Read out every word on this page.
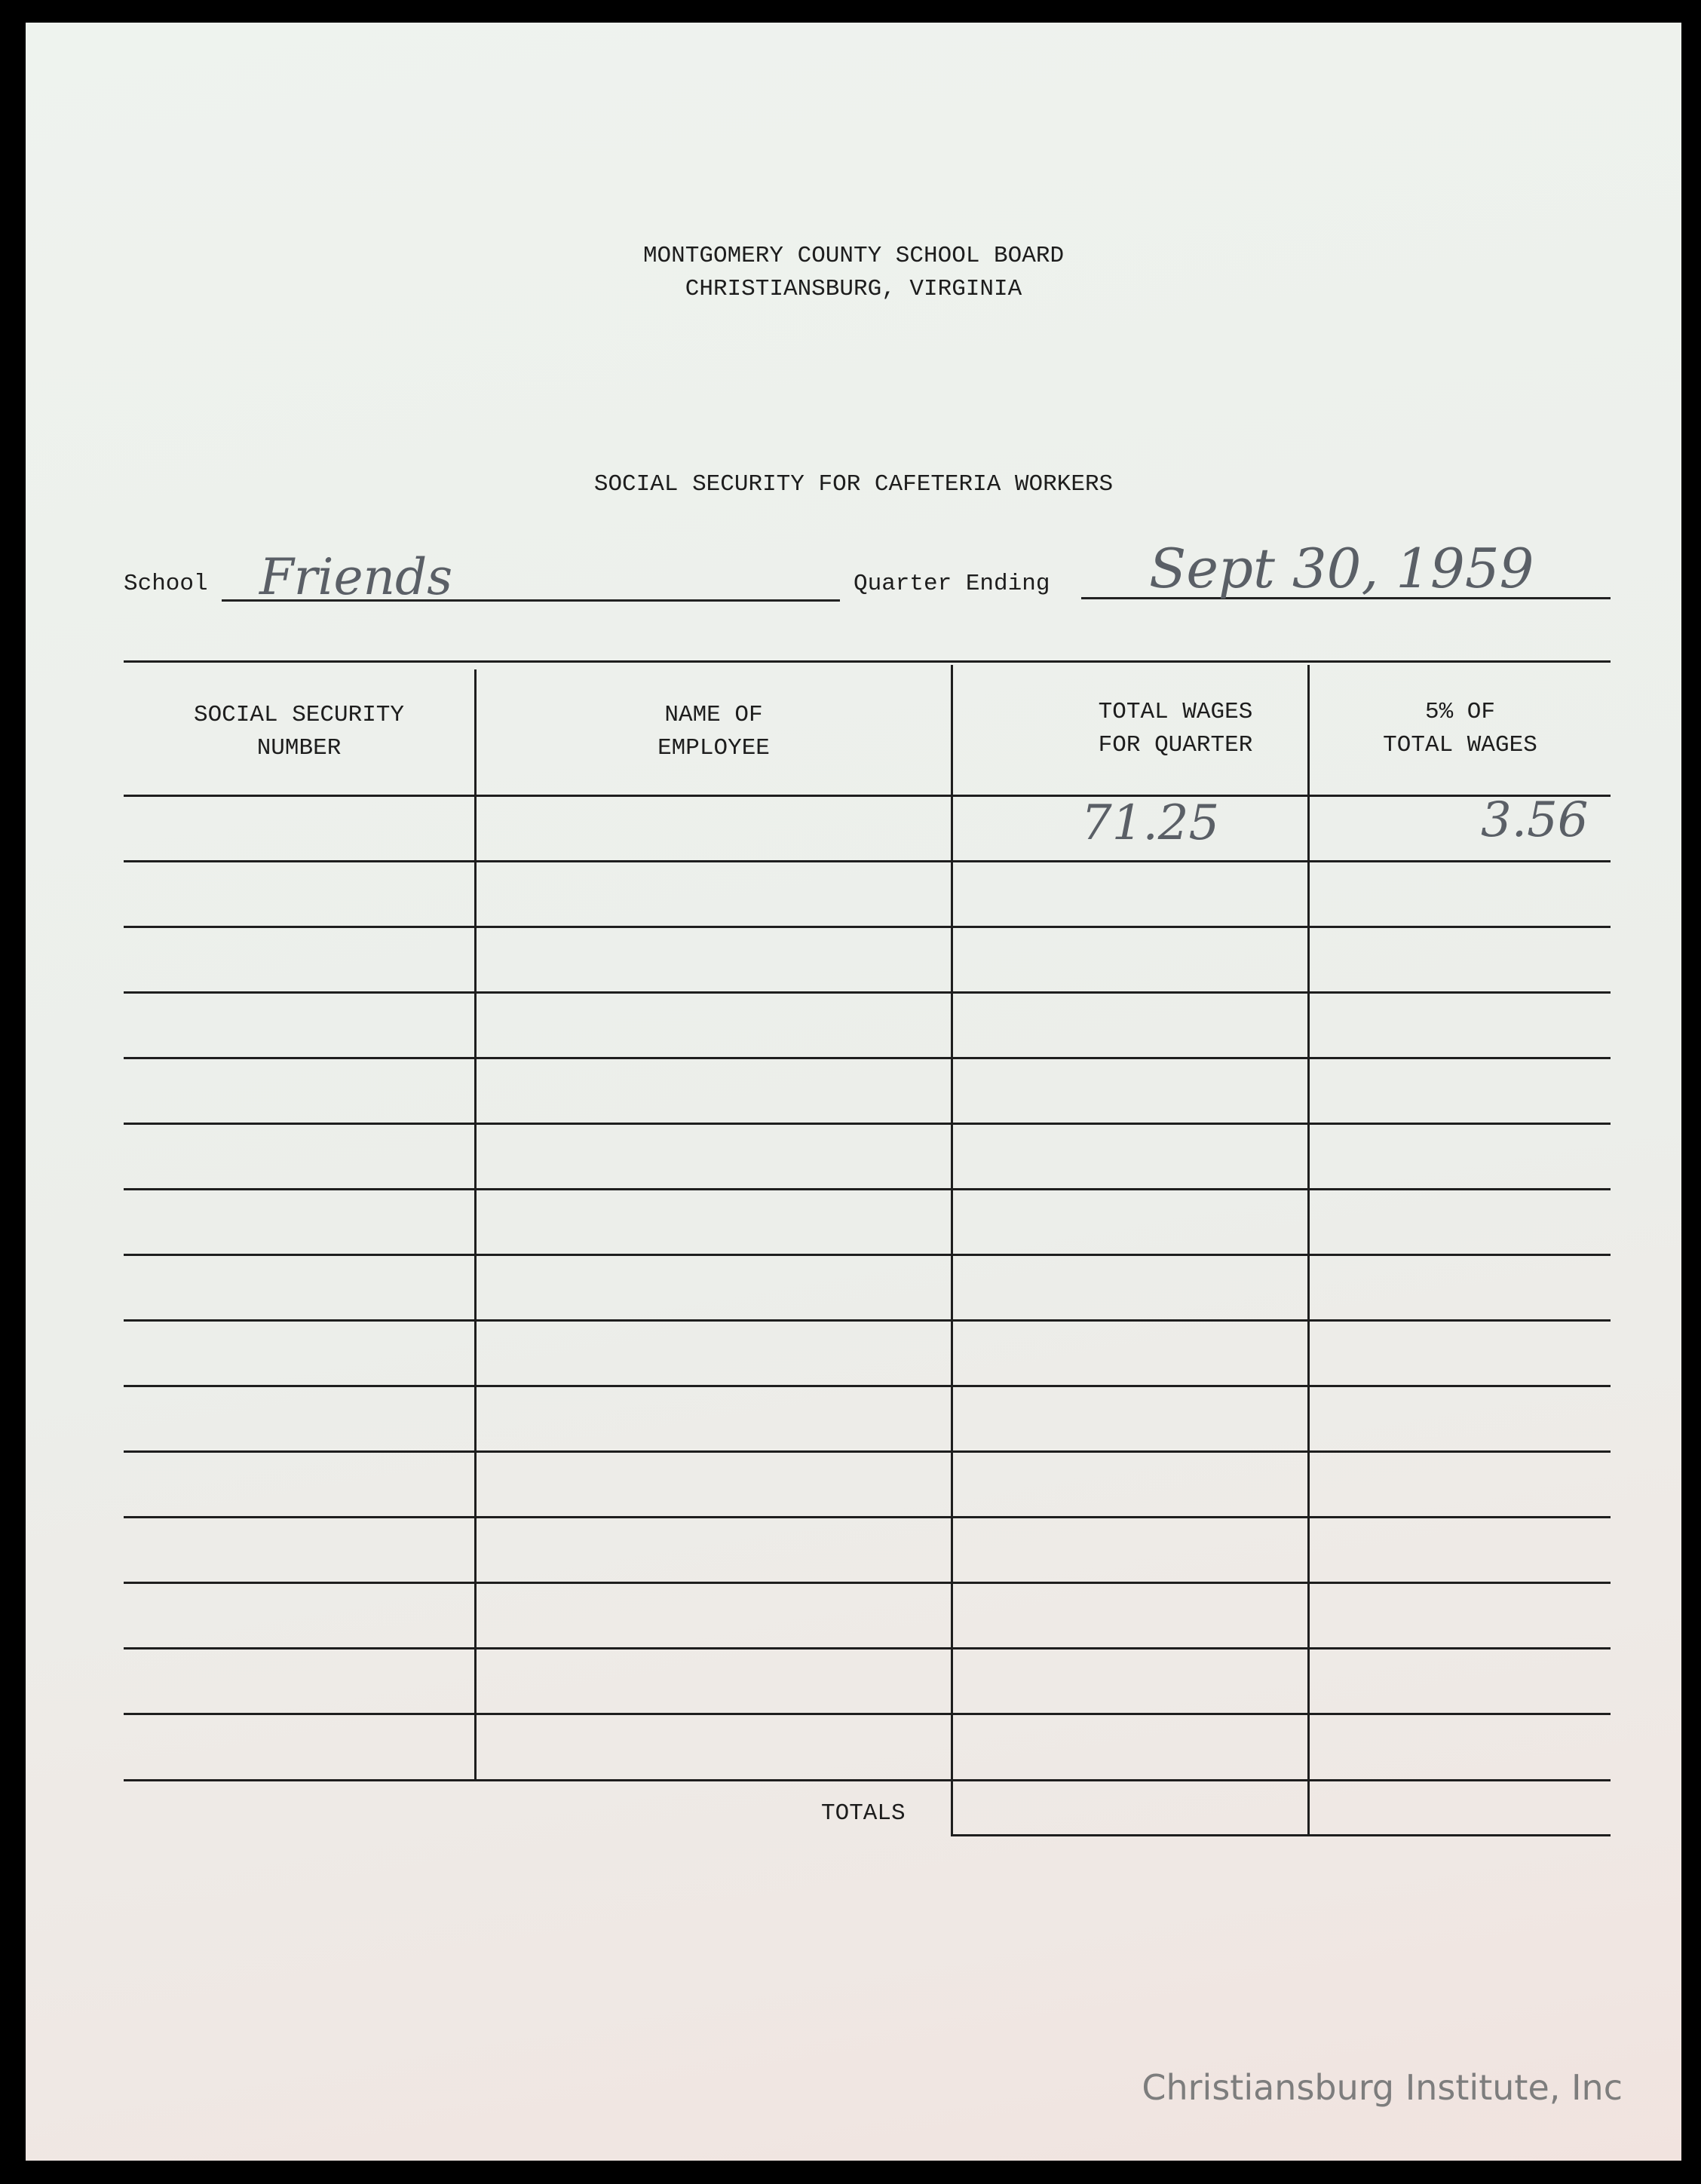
MONTGOMERY COUNTY SCHOOL BOARD
CHRISTIANSBURG, VIRGINIA
SOCIAL SECURITY FOR CAFETERIA WORKERS
School Friends	Quarter Ending Sept 30, 1959
SOCIAL SECURITY
NUMBER
NAME OF
EMPLOYEE
TOTAL WAGES
FOR QUARTER
5% OF
TOTAL WAGES
71.25	3.56
TOTALS
Christiansburg Institute, Inc
